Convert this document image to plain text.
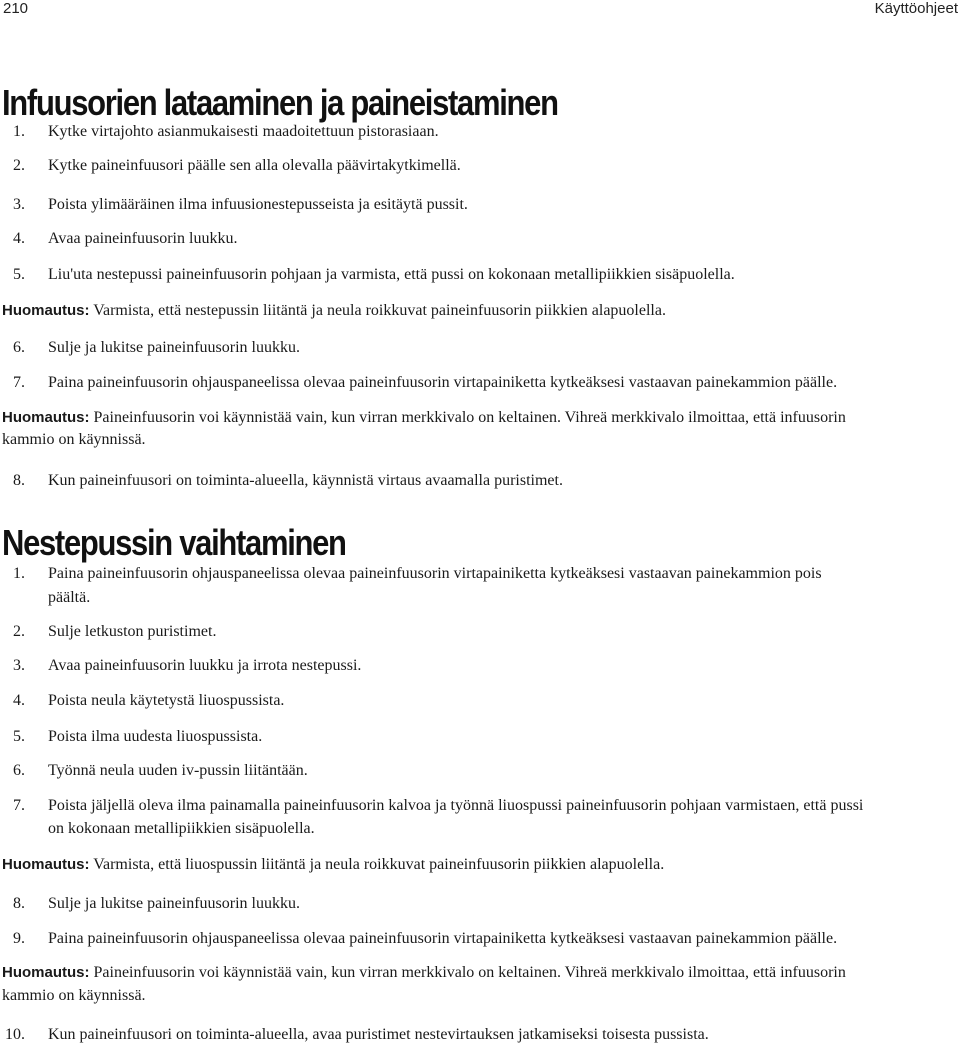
210	Käyttöohjeet
Infuusorien lataaminen ja paineistaminen
1. Kytke virtajohto asianmukaisesti maadoitettuun pistorasiaan.
2. Kytke paineinfuusori päälle sen alla olevalla päävirtakytkimellä.
3. Poista ylimääräinen ilma infuusionestepusseista ja esitäytä pussit.
4. Avaa paineinfuusorin luukku.
5. Liu'uta nestepussi paineinfuusorin pohjaan ja varmista, että pussi on kokonaan metallipiikkien sisäpuolella.
Huomautus: Varmista, että nestepussin liitäntä ja neula roikkuvat paineinfuusorin piikkien alapuolella.
6. Sulje ja lukitse paineinfuusorin luukku.
7. Paina paineinfuusorin ohjauspaneelissa olevaa paineinfuusorin virtapainiketta kytkeäksesi vastaavan painekammion päälle.
Huomautus: Paineinfuusorin voi käynnistää vain, kun virran merkkivalo on keltainen. Vihreä merkkivalo ilmoittaa, että infuusorin
kammio on käynnissä.
8. Kun paineinfuusori on toiminta-alueella, käynnistä virtaus avaamalla puristimet.
Nestepussin vaihtaminen
1. Paina paineinfuusorin ohjauspaneelissa olevaa paineinfuusorin virtapainiketta kytkeäksesi vastaavan painekammion pois
päältä.
2. Sulje letkuston puristimet.
3. Avaa paineinfuusorin luukku ja irrota nestepussi.
4. Poista neula käytetystä liuospussista.
5. Poista ilma uudesta liuospussista.
6. Työnnä neula uuden iv-pussin liitäntään.
7. Poista jäljellä oleva ilma painamalla paineinfuusorin kalvoa ja työnnä liuospussi paineinfuusorin pohjaan varmistaen, että pussi
on kokonaan metallipiikkien sisäpuolella.
Huomautus: Varmista, että liuospussin liitäntä ja neula roikkuvat paineinfuusorin piikkien alapuolella.
8. Sulje ja lukitse paineinfuusorin luukku.
9. Paina paineinfuusorin ohjauspaneelissa olevaa paineinfuusorin virtapainiketta kytkeäksesi vastaavan painekammion päälle.
Huomautus: Paineinfuusorin voi käynnistää vain, kun virran merkkivalo on keltainen. Vihreä merkkivalo ilmoittaa, että infuusorin
kammio on käynnissä.
10. Kun paineinfuusori on toiminta-alueella, avaa puristimet nestevirtauksen jatkamiseksi toisesta pussista.
